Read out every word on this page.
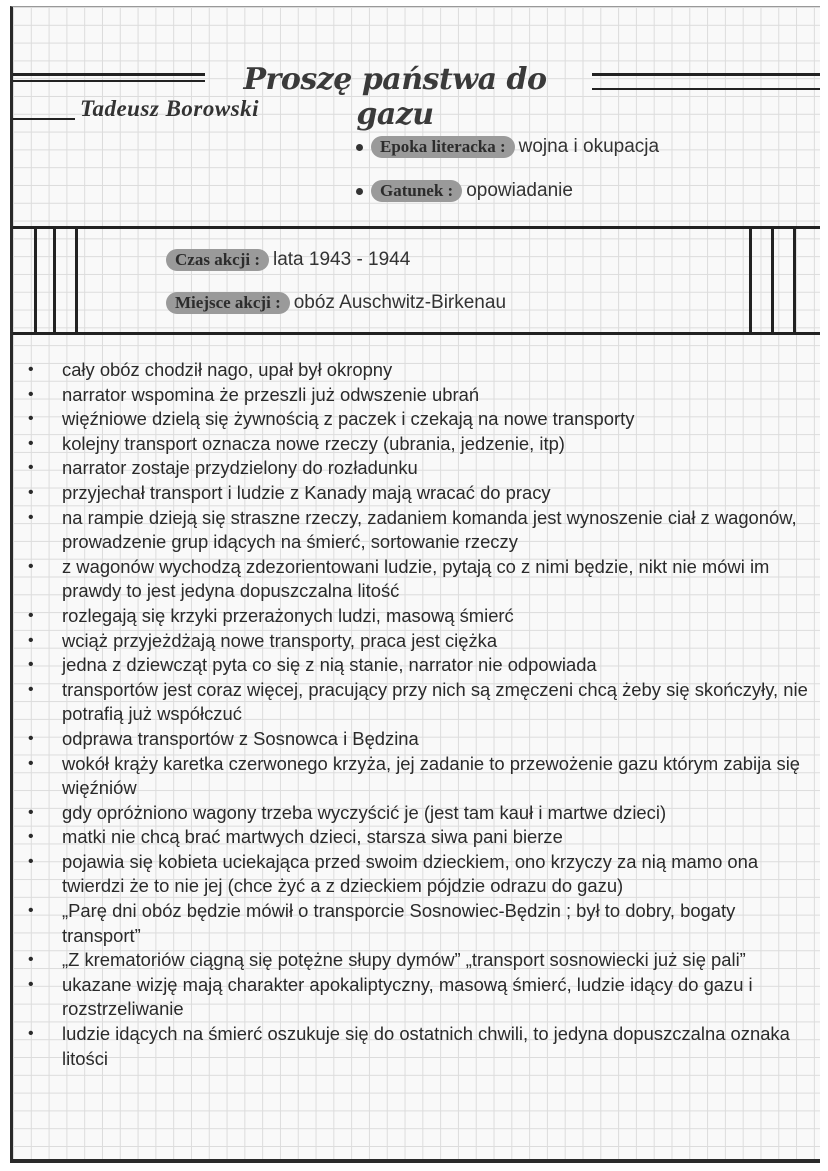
Proszę państwa do gazu
Tadeusz Borowski
Epoka literacka : wojna i okupacja
Gatunek : opowiadanie
Czas akcji : lata 1943 - 1944
Miejsce akcji : obóz Auschwitz-Birkenau
• cały obóz chodził nago, upał był okropny
• narrator wspomina że przeszli już odwszenie ubrań
• więźniowe dzielą się żywnością z paczek i czekają na nowe transporty
• kolejny transport oznacza nowe rzeczy (ubrania, jedzenie, itp)
• narrator zostaje przydzielony do rozładunku
• przyjechał transport i ludzie z Kanady mają wracać do pracy
• na rampie dzieją się straszne rzeczy, zadaniem komanda jest wynoszenie ciał z wagonów, prowadzenie grup idących na śmierć, sortowanie rzeczy
• z wagonów wychodzą zdezorientowani ludzie, pytają co z nimi będzie, nikt nie mówi im prawdy to jest jedyna dopuszczalna litość
• rozlegają się krzyki przerażonych ludzi, masową śmierć
• wciąż przyjeżdżają nowe transporty, praca jest ciężka
• jedna z dziewcząt pyta co się z nią stanie, narrator nie odpowiada
• transportów jest coraz więcej, pracujący przy nich są zmęczeni chcą żeby się skończyły, nie potrafią już współczuć
• odprawa transportów z Sosnowca i Będzina
• wokół krąży karetka czerwonego krzyża, jej zadanie to przewożenie gazu którym zabija się więźniów
• gdy opróżniono wagony trzeba wyczyścić je (jest tam kauł i martwe dzieci)
• matki nie chcą brać martwych dzieci, starsza siwa pani bierze
• pojawia się kobieta uciekająca przed swoim dzieckiem, ono krzyczy za nią mamo ona twierdzi że to nie jej (chce żyć a z dzieckiem pójdzie odrazu do gazu)
• „Parę dni obóz będzie mówił o transporcie Sosnowiec-Będzin ; był to dobry, bogaty transport”
• „Z krematoriów ciągną się potężne słupy dymów” „transport sosnowiecki już się pali”
• ukazane wizję mają charakter apokaliptyczny, masową śmierć, ludzie idący do gazu i rozstrzeliwanie
• ludzie idących na śmierć oszukuje się do ostatnich chwili, to jedyna dopuszczalna oznaka litości
